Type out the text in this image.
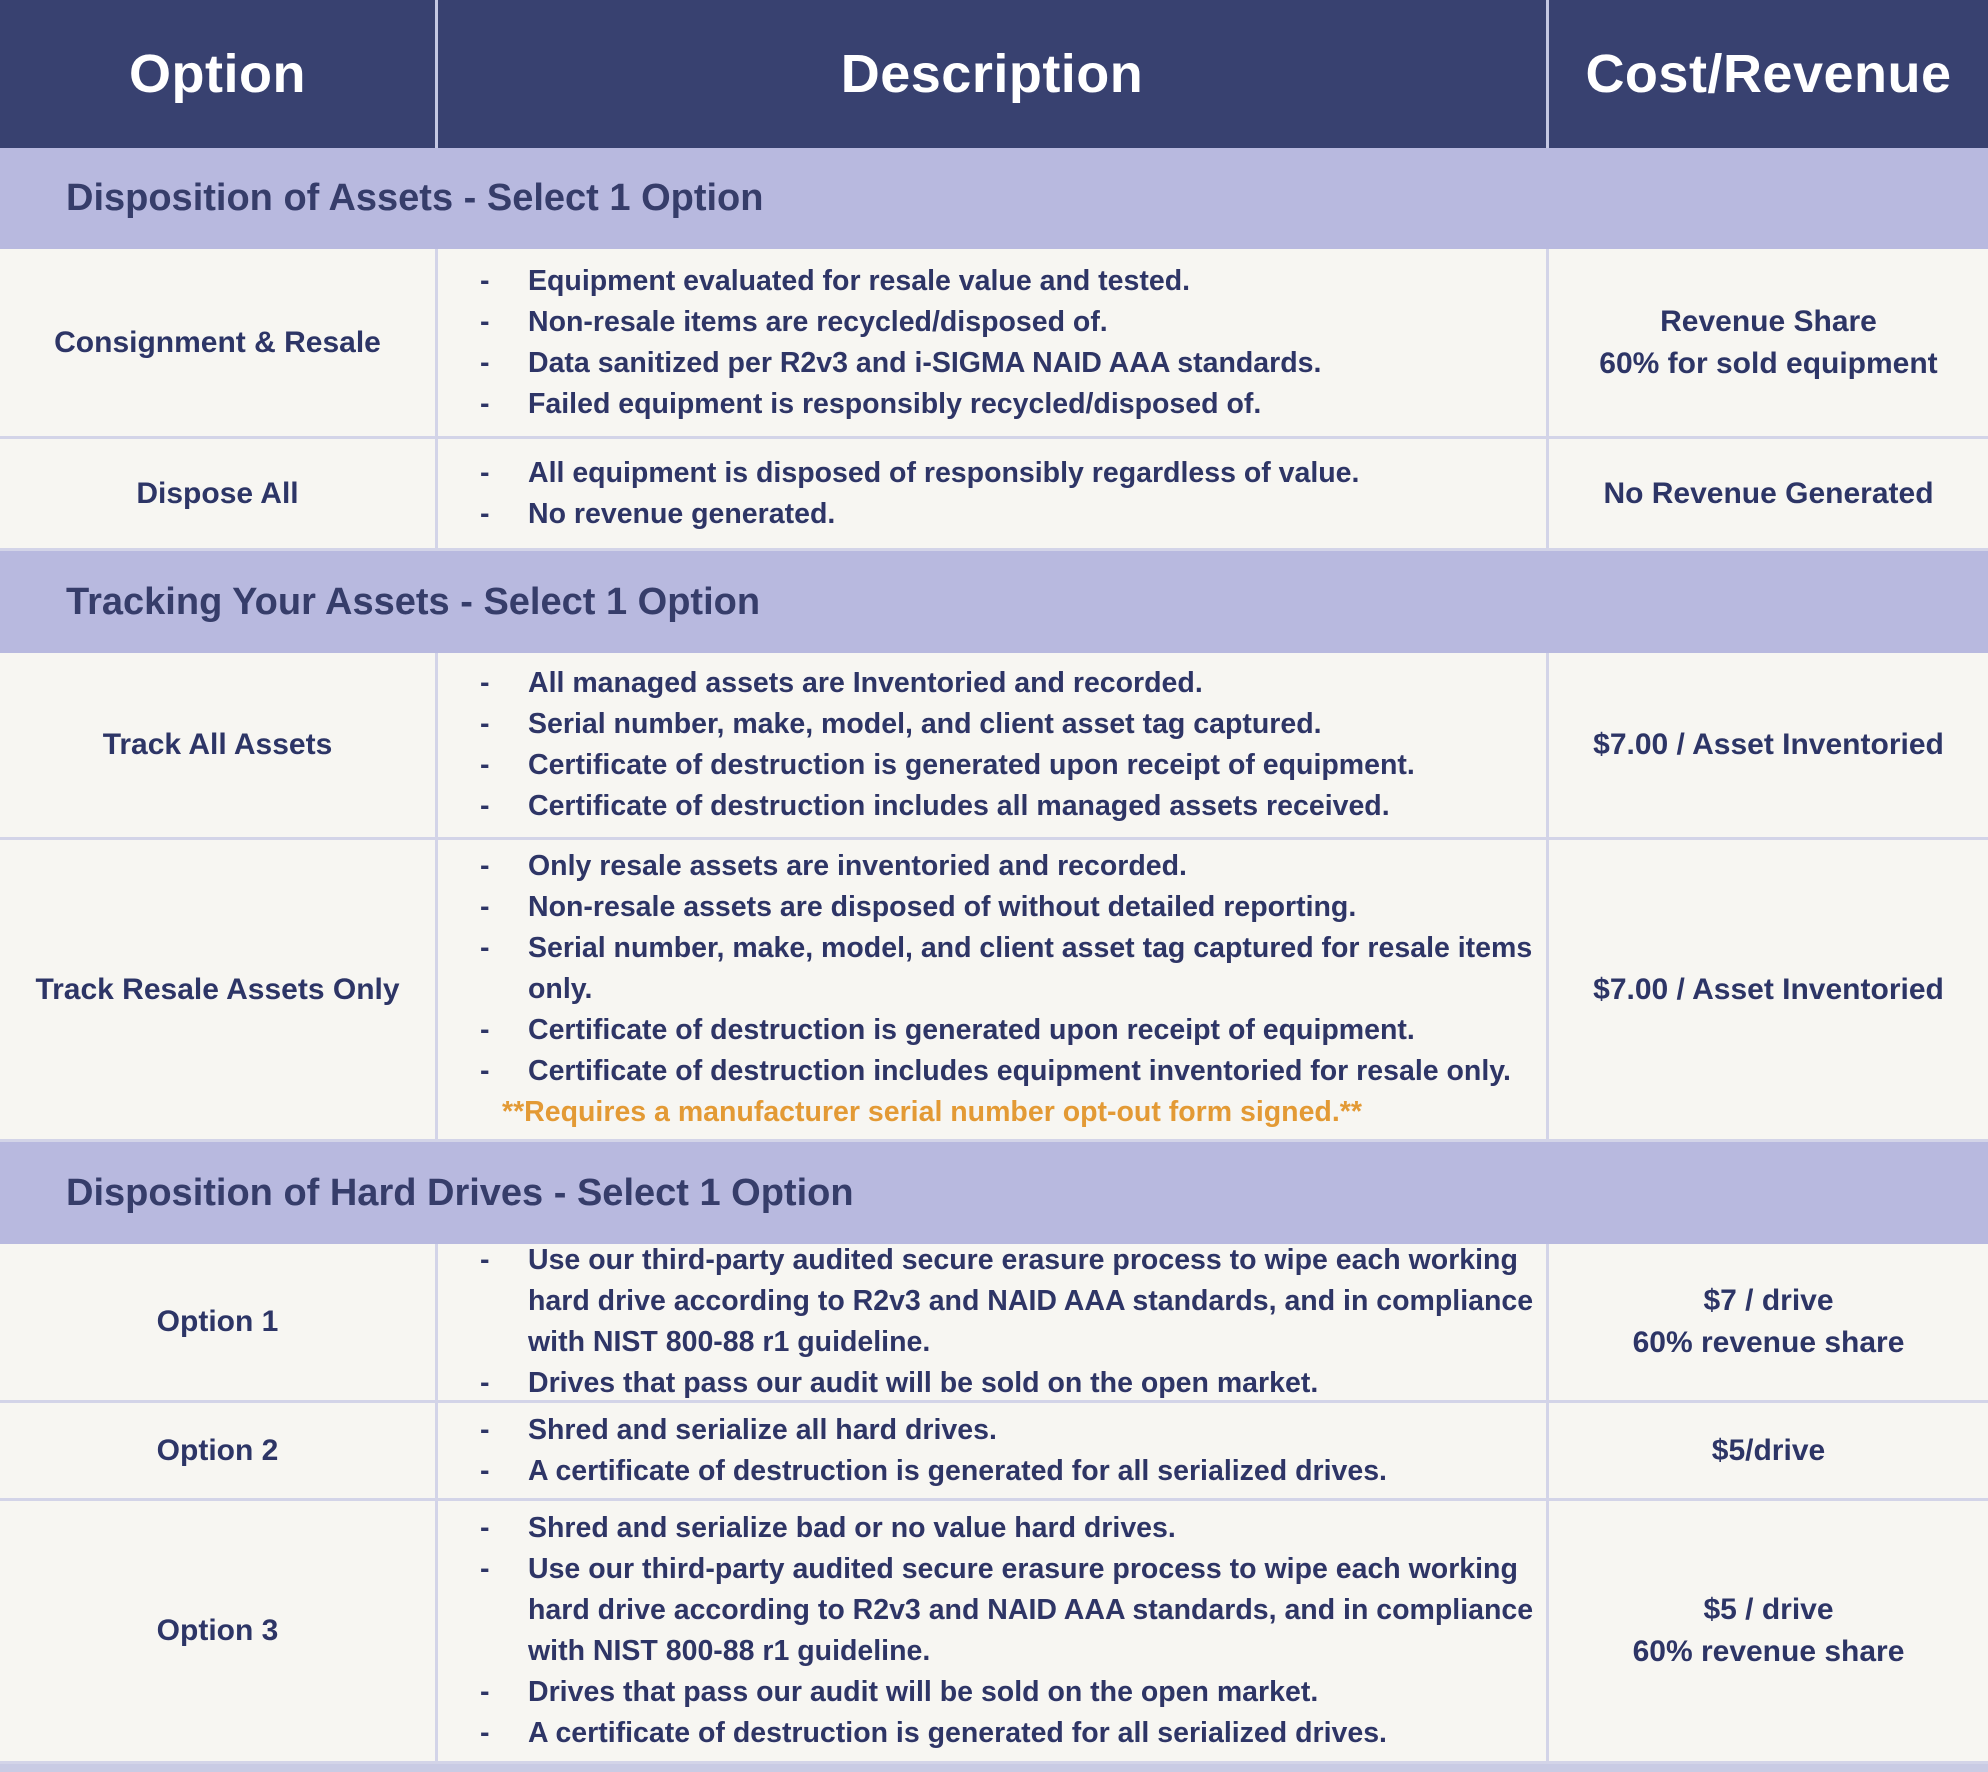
Option	Description	Cost/Revenue
Disposition of Assets - Select 1 Option
Consignment & Resale
- Equipment evaluated for resale value and tested.
- Non-resale items are recycled/disposed of.
- Data sanitized per R2v3 and i-SIGMA NAID AAA standards.
- Failed equipment is responsibly recycled/disposed of.
Revenue Share
60% for sold equipment
Dispose All
- All equipment is disposed of responsibly regardless of value.
- No revenue generated.
No Revenue Generated
Tracking Your Assets - Select 1 Option
Track All Assets
- All managed assets are Inventoried and recorded.
- Serial number, make, model, and client asset tag captured.
- Certificate of destruction is generated upon receipt of equipment.
- Certificate of destruction includes all managed assets received.
$7.00 / Asset Inventoried
Track Resale Assets Only
- Only resale assets are inventoried and recorded.
- Non-resale assets are disposed of without detailed reporting.
- Serial number, make, model, and client asset tag captured for resale items only.
- Certificate of destruction is generated upon receipt of equipment.
- Certificate of destruction includes equipment inventoried for resale only.
**Requires a manufacturer serial number opt-out form signed.**
$7.00 / Asset Inventoried
Disposition of Hard Drives - Select 1 Option
Option 1
- Use our third-party audited secure erasure process to wipe each working hard drive according to R2v3 and NAID AAA standards, and in compliance with NIST 800-88 r1 guideline.
- Drives that pass our audit will be sold on the open market.
$7 / drive
60% revenue share
Option 2
- Shred and serialize all hard drives.
- A certificate of destruction is generated for all serialized drives.
$5/drive
Option 3
- Shred and serialize bad or no value hard drives.
- Use our third-party audited secure erasure process to wipe each working hard drive according to R2v3 and NAID AAA standards, and in compliance with NIST 800-88 r1 guideline.
- Drives that pass our audit will be sold on the open market.
- A certificate of destruction is generated for all serialized drives.
$5 / drive
60% revenue share
